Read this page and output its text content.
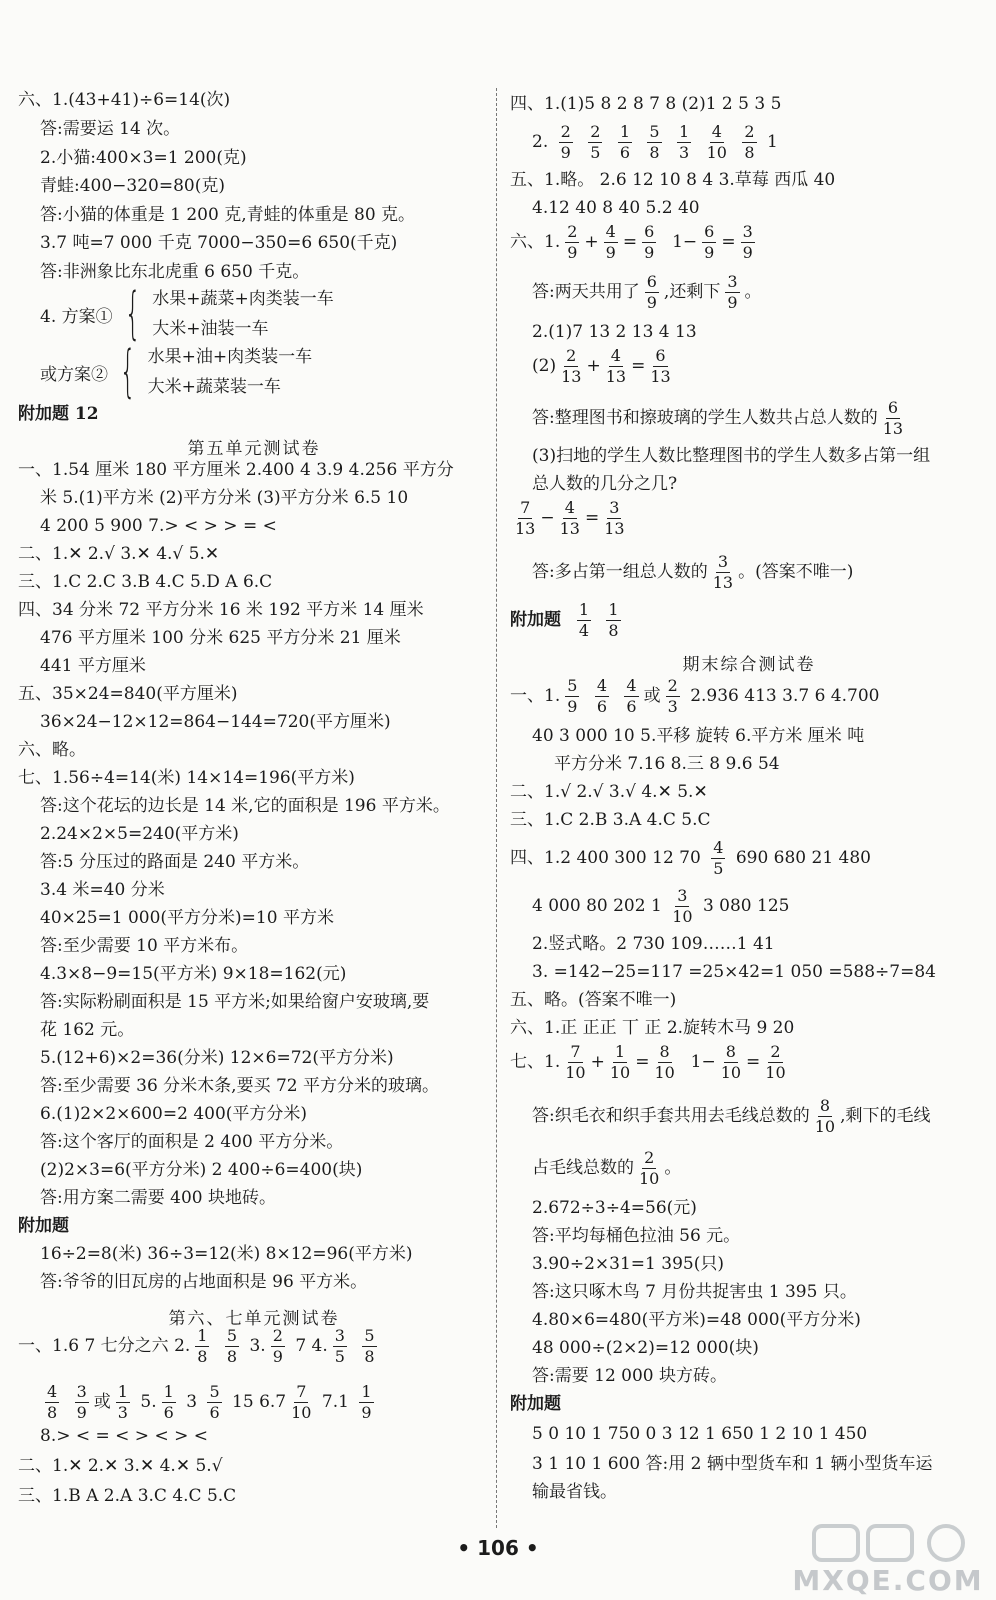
六、1.(43+41)÷6=14(次)
答:需要运 14 次。
2.小猫:400×3=1 200(克)
青蛙:400−320=80(克)
答:小猫的体重是 1 200 克,青蛙的体重是 80 克。
3.7 吨=7 000 千克 7000−350=6 650(千克)
答:非洲象比东北虎重 6 650 千克。
4. 方案① { 水果+蔬菜+肉类装一车
大米+油装一车
或方案② { 水果+油+肉类装一车
大米+蔬菜装一车
附加题 12
第五单元测试卷
一、1.54 厘米 180 平方厘米 2.400 4 3.9 4.256 平方分
米 5.(1)平方米 (2)平方分米 (3)平方分米 6.5 10
4 200 5 900 7.> < > > = <
二、1.✕ 2.√ 3.✕ 4.√ 5.✕
三、1.C 2.C 3.B 4.C 5.D A 6.C
四、34 分米 72 平方分米 16 米 192 平方米 14 厘米
476 平方厘米 100 分米 625 平方分米 21 厘米
441 平方厘米
五、35×24=840(平方厘米)
36×24−12×12=864−144=720(平方厘米)
六、略。
七、1.56÷4=14(米) 14×14=196(平方米)
答:这个花坛的边长是 14 米,它的面积是 196 平方米。
2.24×2×5=240(平方米)
答:5 分压过的路面是 240 平方米。
3.4 米=40 分米
40×25=1 000(平方分米)=10 平方米
答:至少需要 10 平方米布。
4.3×8−9=15(平方米) 9×18=162(元)
答:实际粉刷面积是 15 平方米;如果给窗户安玻璃,要
花 162 元。
5.(12+6)×2=36(分米) 12×6=72(平方分米)
答:至少需要 36 分米木条,要买 72 平方分米的玻璃。
6.(1)2×2×600=2 400(平方分米)
答:这个客厅的面积是 2 400 平方分米。
(2)2×3=6(平方分米) 2 400÷6=400(块)
答:用方案二需要 400 块地砖。
附加题
16÷2=8(米) 36÷3=12(米) 8×12=96(平方米)
答:爷爷的旧瓦房的占地面积是 96 平方米。
第六、七单元测试卷
一、1.6 7 七分之六 2. $\frac{1}{8}$
$\frac{5}{8} 3$. $\frac{2}{9} 7$ 4. $\frac{3}{5}$
$\frac{5}{8}$
$\frac{4}{8}$
$\frac{3}{9}$ 或 $\frac{1}{3} 5$. $\frac{1}{6} 3 \frac{5}{6} 15$ $6.7 \frac{7}{10} 7.1 \frac{1}{9}$
8.> < = < > < > <
二、1.✕ 2.✕ 3.✕ 4.✕ 5.√
三、1.B A 2.A 3.C 4.C 5.C
四、1.(1)5 8 2 8 7 8 (2)1 2 5 3 5
2. $\frac{2}{9}$
$\frac{2}{5}$
$\frac{1}{6}$
$\frac{5}{8}$
$\frac{1}{3}$
$\frac{4}{10}$
$\frac{2}{8} 1$
五、1.略。 2.6 12 10 8 4 3.草莓 西瓜 40
4.12 40 8 40 5.2 40
六、1. $\frac{2}{9} + \frac{4}{9} = \frac{6}{9} 1- \frac{6}{9} = \frac{3}{9}$
答:两天共用了 $\frac{6}{9}$ ,还剩下 $\frac{3}{9}$ 。
2.(1)7 13 2 13 4 13
$(2) \frac{2}{13} + \frac{4}{13} = \frac{6}{13}$
答:整理图书和擦玻璃的学生人数共占总人数的 $\frac{6}{13}$
(3)扫地的学生人数比整理图书的学生人数多占第一组
总人数的几分之几?
$\frac{7}{13} - \frac{4}{13} = \frac{3}{13}$
答:多占第一组总人数的 $\frac{3}{13}$ 。(答案不唯一)
附加题 $\frac{1}{4}$
$\frac{1}{8}$
期末综合测试卷
一、1. $\frac{5}{9}$
$\frac{4}{6}$
$\frac{4}{6}$ 或 $\frac{2}{3} 2.936$ 413 3.7 6 4.700
40 3 000 10 5.平移 旋转 6.平方米 厘米 吨
平方分米 7.16 8.三 8 9.6 54
二、1.√ 2.√ 3.√ 4.✕ 5.✕
三、1.C 2.B 3.A 4.C 5.C
四、1.2 400 300 12 $70 \frac{4}{5} 690$ 680 21 480
4 000 80 202 $1 \frac{3}{10} 3$ 080 125
2.竖式略。2 730 109……1 41
3. =142−25=117 =25×42=1 050 =588÷7=84
五、略。(答案不唯一)
六、1.正 正正 丅 正 2.旋转木马 9 20
七、1. $\frac{7}{10} + \frac{1}{10} = \frac{8}{10} 1- \frac{8}{10} = \frac{2}{10}$
答:织毛衣和织手套共用去毛线总数的 $\frac{8}{10}$ ,剩下的毛线
占毛线总数的 $\frac{2}{10}$ 。
2.672÷3÷4=56(元)
答:平均每桶色拉油 56 元。
3.90÷2×31=1 395(只)
答:这只啄木鸟 7 月份共捉害虫 1 395 只。
4.80×6=480(平方米)=48 000(平方分米)
48 000÷(2×2)=12 000(块)
答:需要 12 000 块方砖。
附加题
5 0 10 1 750 0 3 12 1 650 1 2 10 1 450
3 1 10 1 600 答:用 2 辆中型货车和 1 辆小型货车运
输最省钱。
• 106 •
MXQE.COM
